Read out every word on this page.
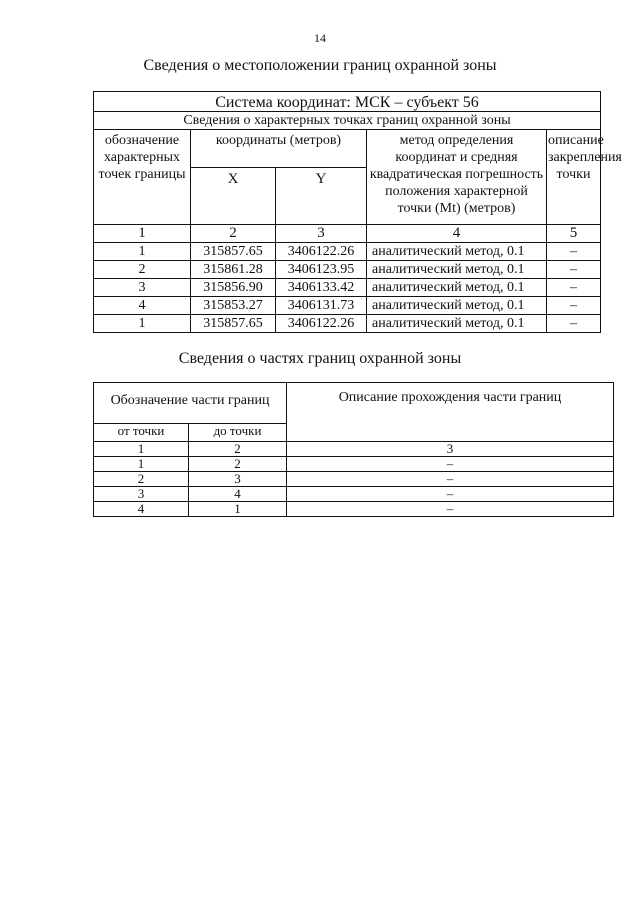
14
Сведения о местоположении границ охранной зоны
Система координат: МСК – субъект 56				
Сведения о характерных точках границ охранной зоны				
обозначение характерных точек границы	координаты (метров)		метод определения координат и средняя квадратическая погрешность положения характерной точки (Mt) (метров)	описание закрепления точки
	X	Y		
1	2	3	4	5
1	315857.65	3406122.26	аналитический метод, 0.1	–
2	315861.28	3406123.95	аналитический метод, 0.1	–
3	315856.90	3406133.42	аналитический метод, 0.1	–
4	315853.27	3406131.73	аналитический метод, 0.1	–
1	315857.65	3406122.26	аналитический метод, 0.1	–
Сведения о частях границ охранной зоны
Обозначение части границ		Описание прохождения части границ
от точки	до точки	
1	2	3
1	2	–
2	3	–
3	4	–
4	1	–
